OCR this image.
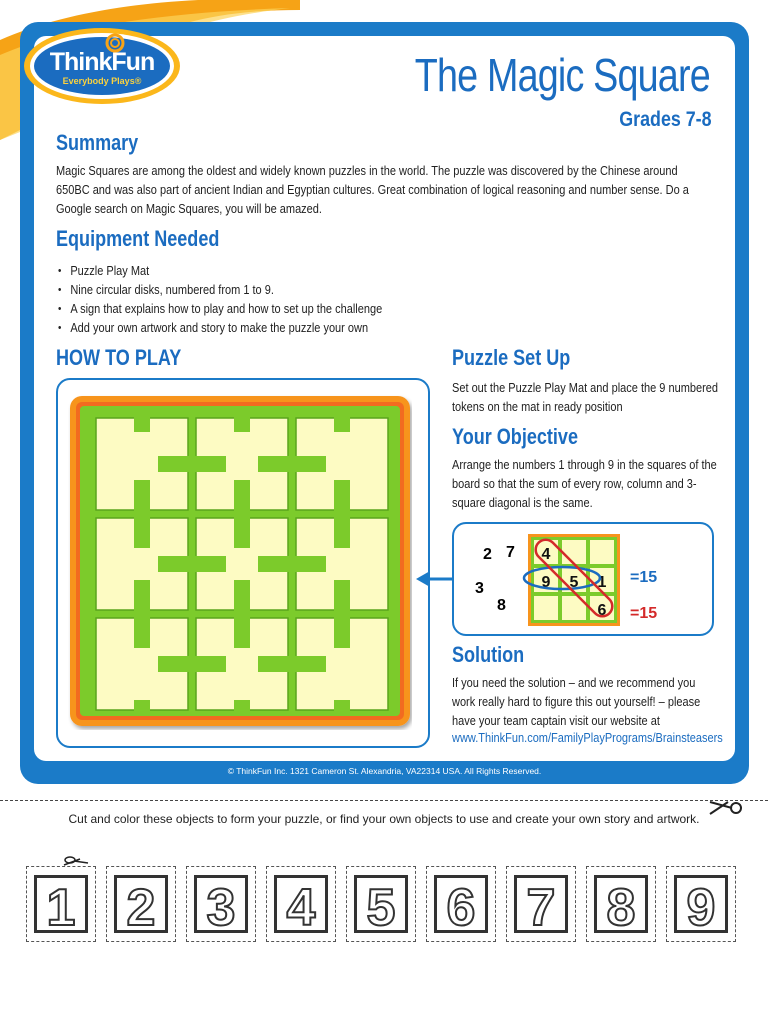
ThinkFun
Everybody Plays®	The Magic Square
Grades 7-8
Summary

Magic Squares are among the oldest and widely known puzzles in the world. The puzzle was discovered by the Chinese around 650BC and was also part of ancient Indian and Egyptian cultures. Great combination of logical reasoning and number sense. Do a Google search on Magic Squares, you will be amazed.

Equipment Needed
• Puzzle Play Mat
• Nine circular disks, numbered from 1 to 9.
• A sign that explains how to play and how to set up the challenge
• Add your own artwork and story to make the puzzle your own
HOW TO PLAY	Puzzle Set Up

Set out the Puzzle Play Mat and place the 9 numbered tokens on the mat in ready position

Your Objective

Arrange the numbers 1 through 9 in the squares of the board so that the sum of every row, column and 3-square diagonal is the same.

4
9 5 1
6
2 7
3
8
=15
=15
Solution

If you need the solution – and we recommend you work really hard to figure this out yourself! – please have your team captain visit our website at

www.ThinkFun.com/FamilyPlayPrograms/Brainsteasers

© ThinkFun Inc. 1321 Cameron St. Alexandria, VA22314 USA. All Rights Reserved.
Cut and color these objects to form your puzzle, or find your own objects to use and create your own story and artwork.
1 2 3 4 5 6 7 8 9
